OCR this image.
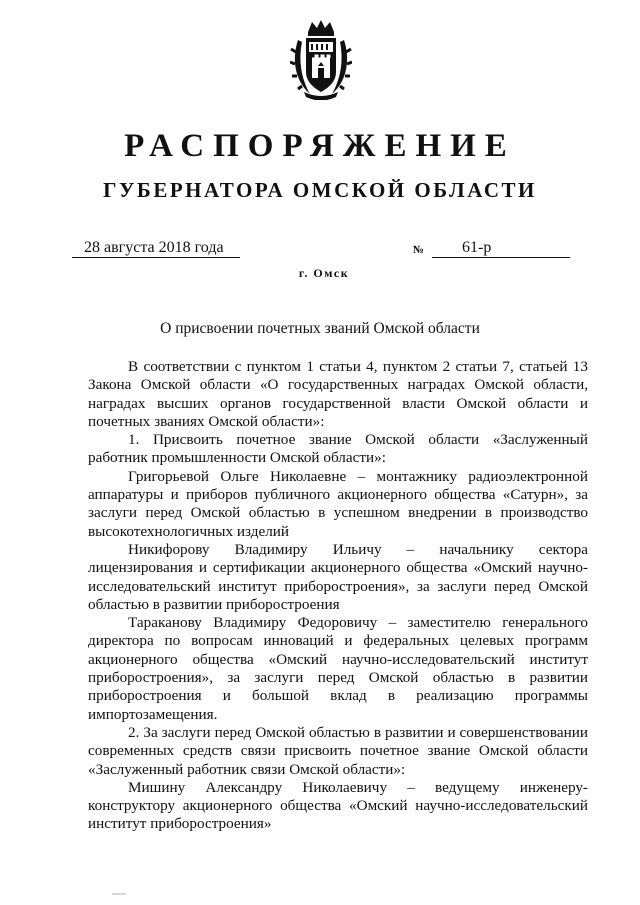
РАСПОРЯЖЕНИЕ
ГУБЕРНАТОРА ОМСКОЙ ОБЛАСТИ
28 августа 2018 года	№	61-р
г. Омск
О присвоении почетных званий Омской области

В соответствии с пунктом 1 статьи 4, пунктом 2 статьи 7, статьей 13 Закона Омской области «О государственных наградах Омской области, наградах высших органов государственной власти Омской области и почетных званиях Омской области»:

1. Присвоить почетное звание Омской области «Заслуженный работник промышленности Омской области»:

Григорьевой Ольге Николаевне – монтажнику радиоэлектронной аппаратуры и приборов публичного акционерного общества «Сатурн», за заслуги перед Омской областью в успешном внедрении в производство высокотехнологичных изделий

Никифорову Владимиру Ильичу – начальнику сектора лицензирования и сертификации акционерного общества «Омский научно-исследовательский институт приборостроения», за заслуги перед Омской областью в развитии приборостроения

Тараканову Владимиру Федоровичу – заместителю генерального директора по вопросам инноваций и федеральных целевых программ акционерного общества «Омский научно-исследовательский институт приборостроения», за заслуги перед Омской областью в развитии приборостроения и большой вклад в реализацию программы импортозамещения.

2. За заслуги перед Омской областью в развитии и совершенствовании современных средств связи присвоить почетное звание Омской области «Заслуженный работник связи Омской области»:

Мишину Александру Николаевичу – ведущему инженеру-конструктору акционерного общества «Омский научно-исследовательский институт приборостроения»
